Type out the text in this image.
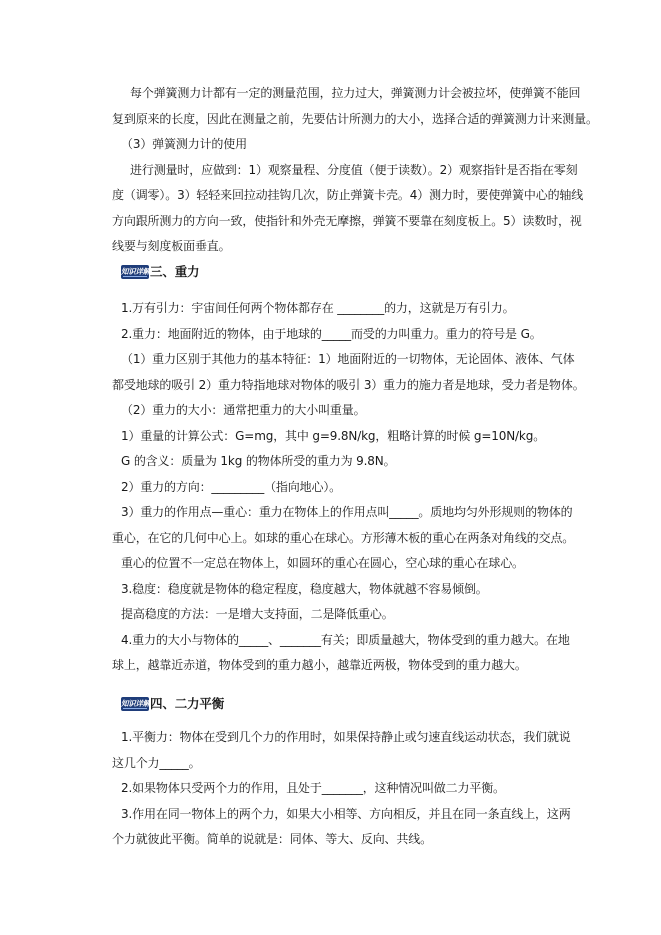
每个弹簧测力计都有一定的测量范围，拉力过大，弹簧测力计会被拉坏，使弹簧不能回
复到原来的长度，因此在测量之前，先要估计所测力的大小，选择合适的弹簧测力计来测量。
（3）弹簧测力计的使用
进行测量时，应做到：1）观察量程、分度值（便于读数）。2）观察指针是否指在零刻
度（调零）。3）轻轻来回拉动挂钩几次，防止弹簧卡壳。4）测力时，要使弹簧中心的轴线
方向跟所测力的方向一致，使指针和外壳无摩擦，弹簧不要靠在刻度板上。5）读数时，视
线要与刻度板面垂直。
知识详解 三、重力
1.万有引力：宇宙间任何两个物体都存在 ________的力，这就是万有引力。
2.重力：地面附近的物体，由于地球的_____而受的力叫重力。重力的符号是 G。
（1）重力区别于其他力的基本特征：1）地面附近的一切物体，无论固体、液体、气体
都受地球的吸引 2）重力特指地球对物体的吸引 3）重力的施力者是地球，受力者是物体。
（2）重力的大小：通常把重力的大小叫重量。
1）重量的计算公式：G=mg，其中 g=9.8N/kg，粗略计算的时候 g=10N/kg。
G 的含义：质量为 1kg 的物体所受的重力为 9.8N。
2）重力的方向：_________（指向地心）。
3）重力的作用点—重心：重力在物体上的作用点叫_____。质地均匀外形规则的物体的
重心，在它的几何中心上。如球的重心在球心。方形薄木板的重心在两条对角线的交点。
重心的位置不一定总在物体上，如圆环的重心在圆心，空心球的重心在球心。
3.稳度：稳度就是物体的稳定程度，稳度越大，物体就越不容易倾倒。
提高稳度的方法：一是增大支持面，二是降低重心。
4.重力的大小与物体的_____、_______有关；即质量越大，物体受到的重力越大。在地
球上，越靠近赤道，物体受到的重力越小，越靠近两极，物体受到的重力越大。
知识详解 四、二力平衡
1.平衡力：物体在受到几个力的作用时，如果保持静止或匀速直线运动状态，我们就说
这几个力_____。
2.如果物体只受两个力的作用，且处于_______，这种情况叫做二力平衡。
3.作用在同一物体上的两个力，如果大小相等、方向相反，并且在同一条直线上，这两
个力就彼此平衡。简单的说就是：同体、等大、反向、共线。
